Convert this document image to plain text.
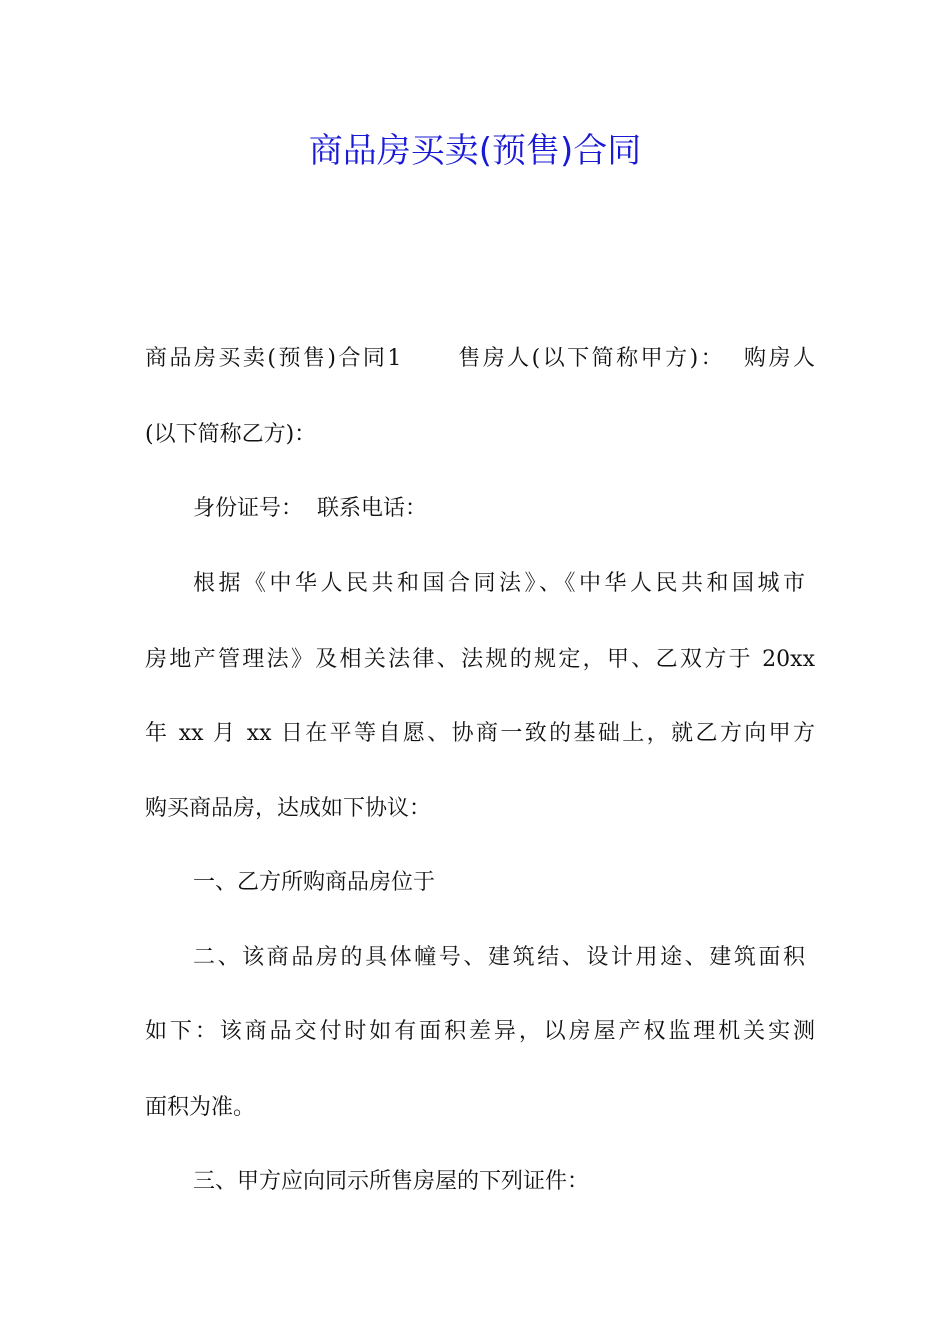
商品房买卖(预售)合同
商品房买卖(预售)合同1      售房人(以下简称甲方)：  购房人
(以下简称乙方)：
身份证号：  联系电话：
根据《中华人民共和国合同法》、《中华人民共和国城市
房地产管理法》及相关法律、法规的规定，甲、乙双方于 20xx
年 xx 月 xx 日在平等自愿、协商一致的基础上，就乙方向甲方
购买商品房，达成如下协议：
一、乙方所购商品房位于
二、该商品房的具体幢号、建筑结、设计用途、建筑面积
如下：该商品交付时如有面积差异，以房屋产权监理机关实测
面积为准。
三、甲方应向同示所售房屋的下列证件：
